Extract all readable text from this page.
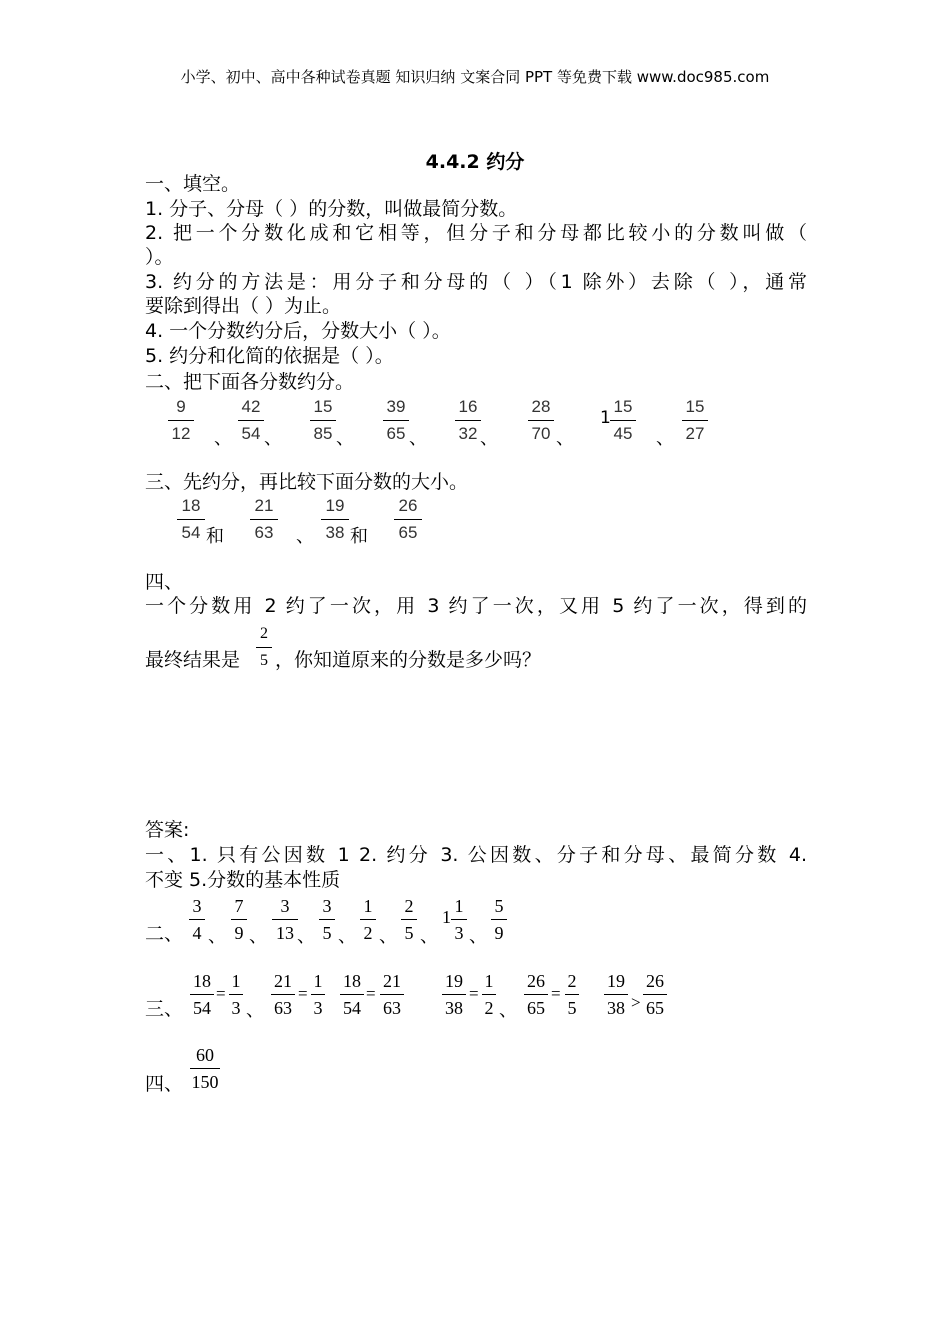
小学、初中、高中各种试卷真题 知识归纳 文案合同 PPT 等免费下载 www.doc985.com
4.4.2 约分
一、填空。
1. 分子、分母（ ）的分数，叫做最简分数。
2. 把一个分数化成和它相等，但分子和分母都比较小的分数叫做（
）。
3. 约分的方法是：用分子和分母的（ ）（1 除外）去除（ ），通常
要除到得出（ ）为止。
4. 一个分数约分后，分数大小（ ）。
5. 约分和化简的依据是（ ）。
二、把下面各分数约分。
9
12 、
42
54 、
15
85 、
39
65 、
16
32 、
28
70 、
1
15
45 、
15
27
三、先约分，再比较下面分数的大小。
18
54 和
21
63 、
19
38 和
26
65
四、
一个分数用 2 约了一次，用 3 约了一次，又用 5 约了一次，得到的
最终结果是
2
5 ，你知道原来的分数是多少吗？
答案:
一、1. 只有公因数 1 2. 约分 3. 公因数、分子和分母、最简分数 4.
不变 5.分数的基本性质
二、
3
4 、
7
9 、
3
13 、
3
5 、
1
2 、
2
5 、
1
1
3 、
5
9
三、
18
54
=
1
3 、
21
63
=
1
3
18
54
=
21
63
19
38
=
1
2 、
26
65
=
2
5
19
38 >
26
65
四、
60
150
